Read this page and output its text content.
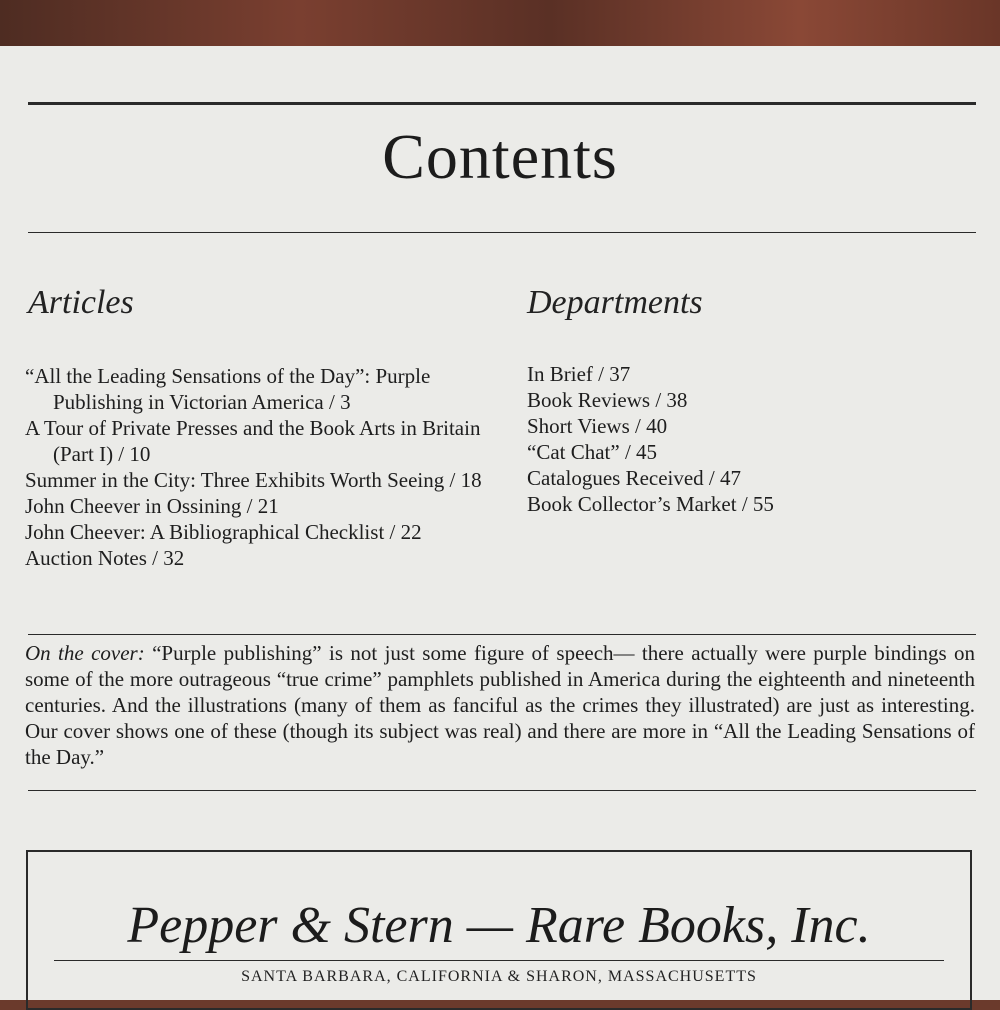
Contents
Articles	Departments
“All the Leading Sensations of the Day”: Purple Publishing in Victorian America / 3
A Tour of Private Presses and the Book Arts in Britain (Part I) / 10
Summer in the City: Three Exhibits Worth Seeing / 18
John Cheever in Ossining / 21
John Cheever: A Bibliographical Checklist / 22
Auction Notes / 32
In Brief / 37
Book Reviews / 38
Short Views / 40
“Cat Chat” / 45
Catalogues Received / 47
Book Collector’s Market / 55
On the cover: “Purple publishing” is not just some figure of speech— there actually were purple bindings on some of the more outrageous “true crime” pamphlets published in America during the eighteenth and nineteenth centuries. And the illustrations (many of them as fanciful as the crimes they illustrated) are just as interesting. Our cover shows one of these (though its subject was real) and there are more in “All the Leading Sensations of the Day.”
Pepper & Stern — Rare Books, Inc.
SANTA BARBARA, CALIFORNIA & SHARON, MASSACHUSETTS
